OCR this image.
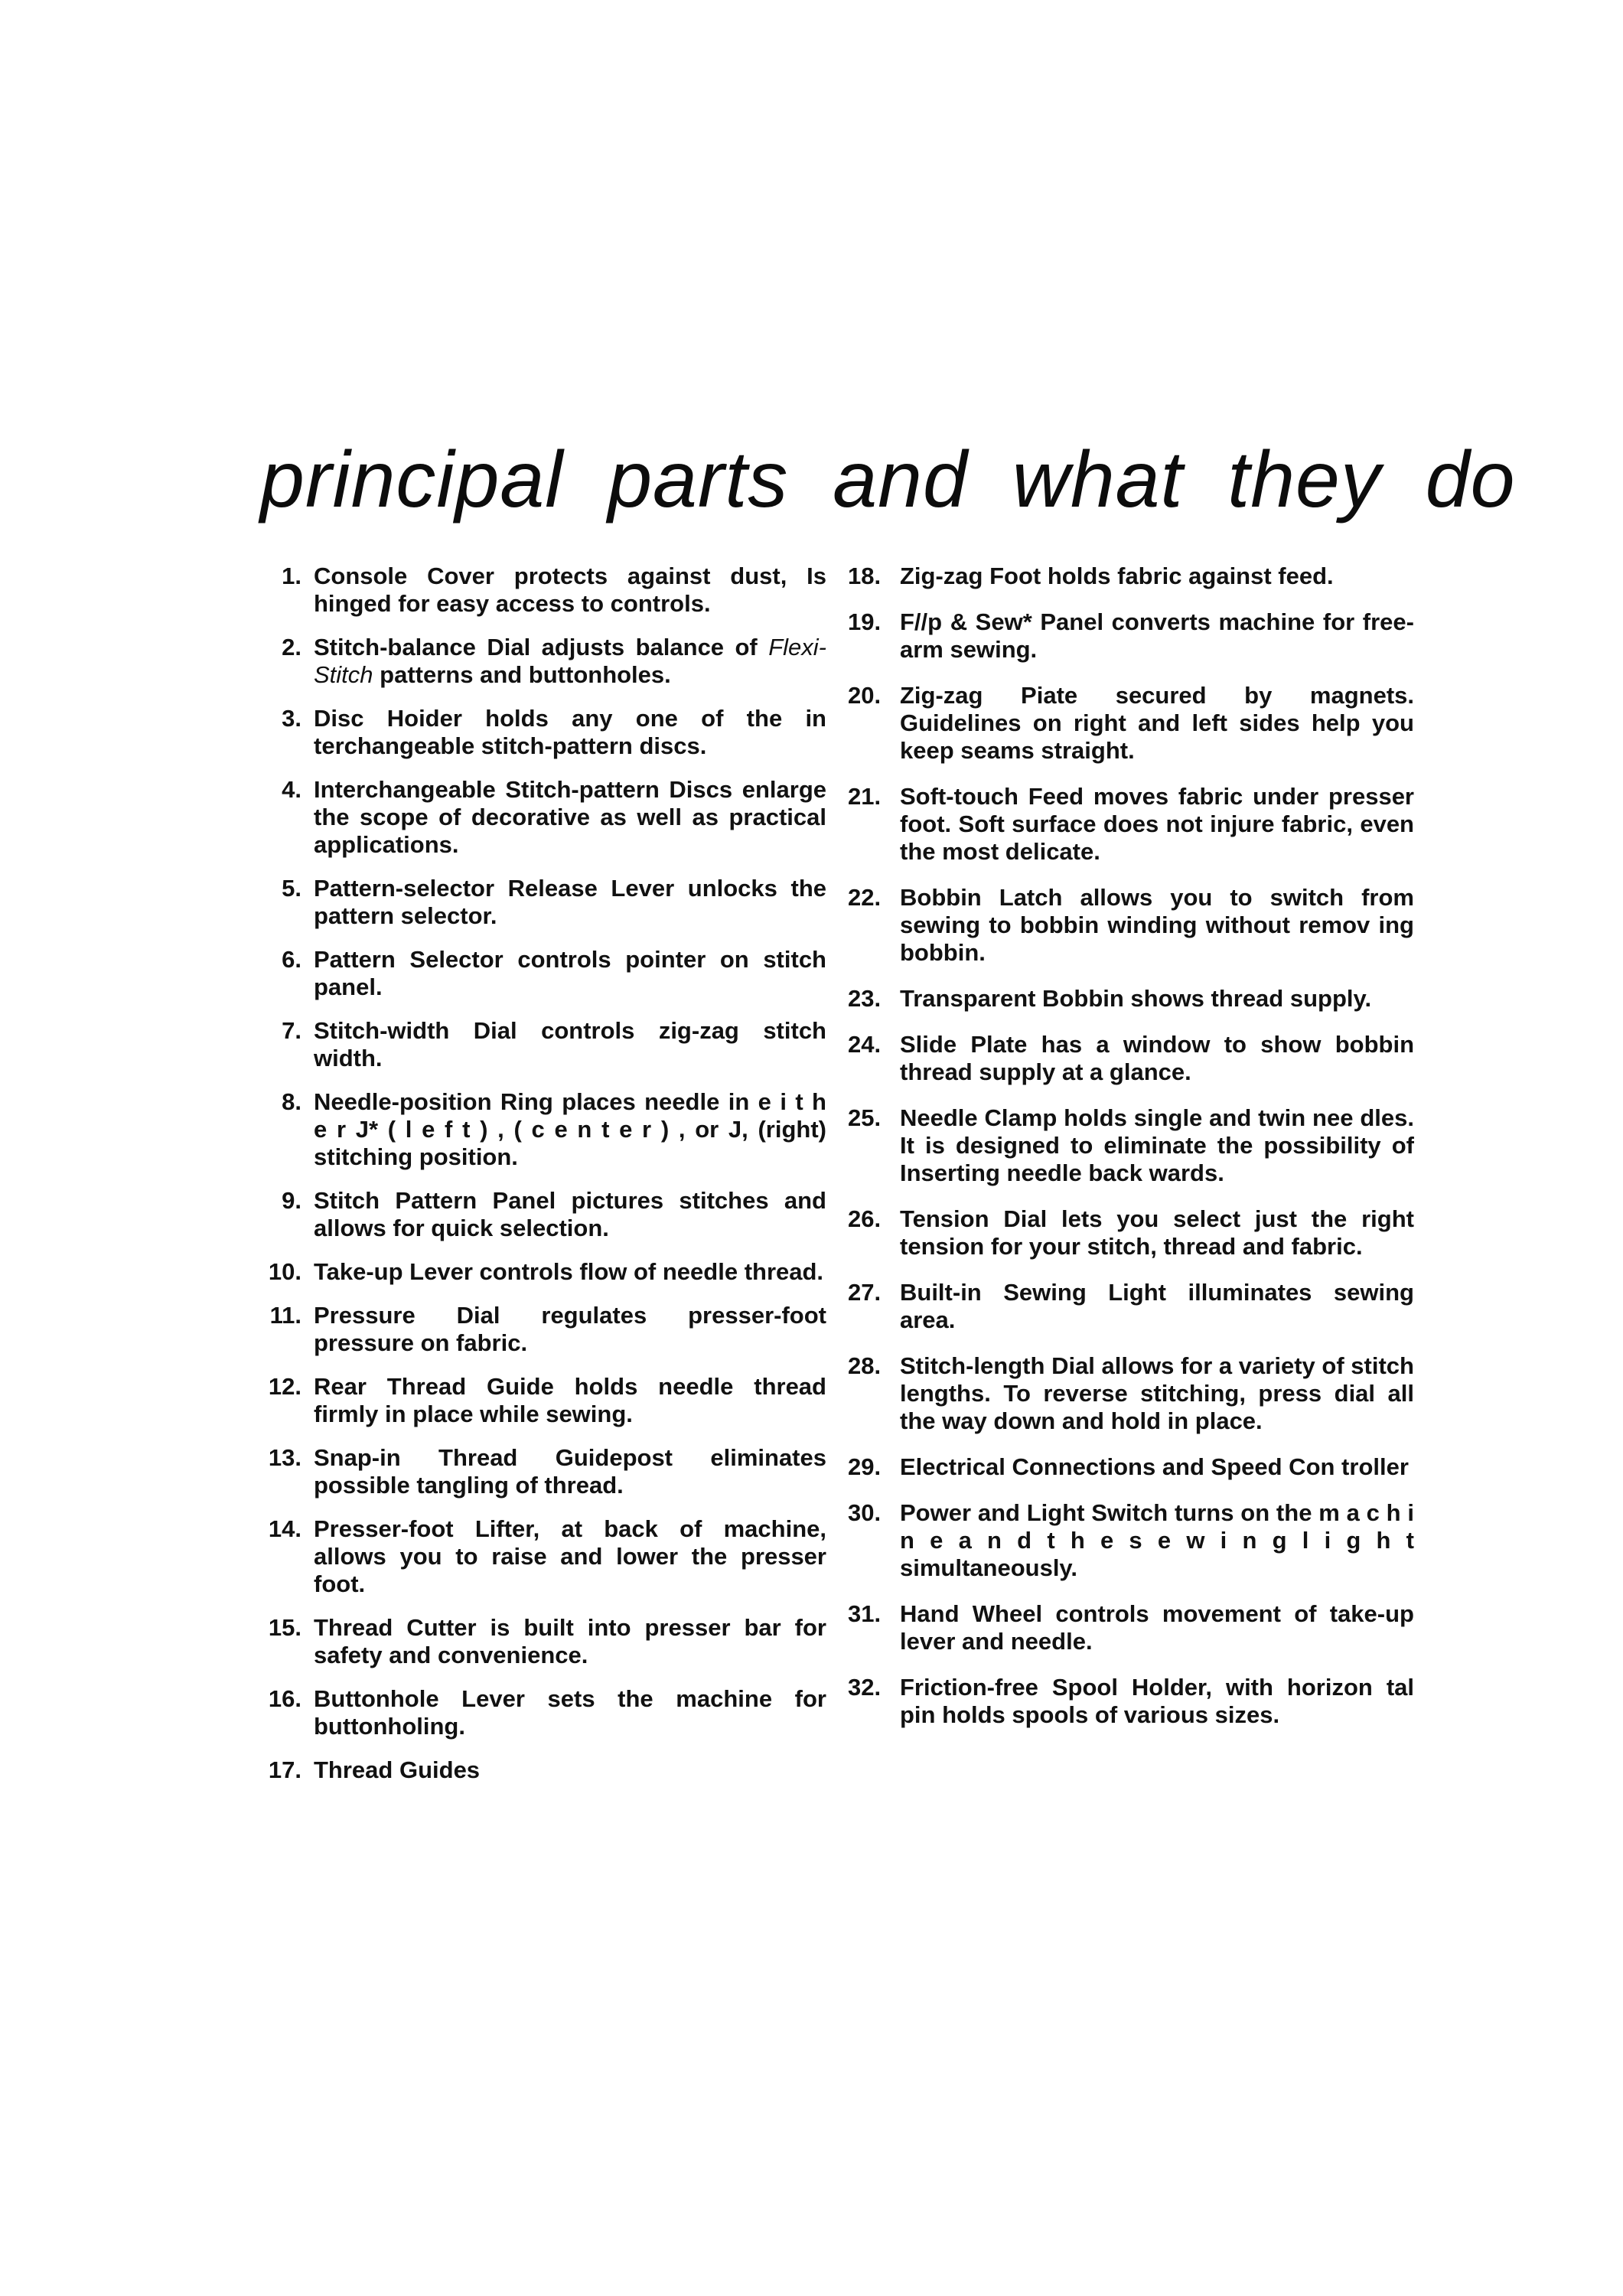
principal parts and what they do
1. Console Cover protects against dust, Is hinged for easy access to controls.
2. Stitch-balance Dial adjusts balance of Flexi-Stitch patterns and buttonholes.
3. Disc Hoider holds any one of the in terchangeable stitch-pattern discs.
4. Interchangeable Stitch-pattern Discs enlarge the scope of decorative as well as practical applications.
5. Pattern-selector Release Lever unlocks the pattern selector.
6. Pattern Selector controls pointer on stitch panel.
7. Stitch-width Dial controls zig-zag stitch width.
8. Needle-position Ring places needle in e i t h e r J* ( l e f t ) , ( c e n t e r ) , or J, (right) stitching position.
9. Stitch Pattern Panel pictures stitches and allows for quick selection.
10. Take-up Lever controls flow of needle thread.
11. Pressure Dial regulates presser-foot pressure on fabric.
12. Rear Thread Guide holds needle thread firmly in place while sewing.
13. Snap-in Thread Guidepost eliminates possible tangling of thread.
14. Presser-foot Lifter, at back of machine, allows you to raise and lower the presser foot.
15. Thread Cutter is built into presser bar for safety and convenience.
16. Buttonhole Lever sets the machine for buttonholing.
17. Thread Guides
18. Zig-zag Foot holds fabric against feed.
19. F//p & Sew* Panel converts machine for free-arm sewing.
20. Zig-zag Piate secured by magnets. Guidelines on right and left sides help you keep seams straight.
21. Soft-touch Feed moves fabric under presser foot. Soft surface does not injure fabric, even the most delicate.
22. Bobbin Latch allows you to switch from sewing to bobbin winding without remov ing bobbin.
23. Transparent Bobbin shows thread supply.
24. Slide Plate has a window to show bobbin thread supply at a glance.
25. Needle Clamp holds single and twin nee dles. It is designed to eliminate the possibility of Inserting needle back wards.
26. Tension Dial lets you select just the right tension for your stitch, thread and fabric.
27. Built-in Sewing Light illuminates sewing area.
28. Stitch-length Dial allows for a variety of stitch lengths. To reverse stitching, press dial all the way down and hold in place.
29. Electrical Connections and Speed Con troller
30. Power and Light Switch turns on the m a c h i n e a n d t h e s e w i n g l i g h t simultaneously.
31. Hand Wheel controls movement of take-up lever and needle.
32. Friction-free Spool Holder, with horizon tal pin holds spools of various sizes.
